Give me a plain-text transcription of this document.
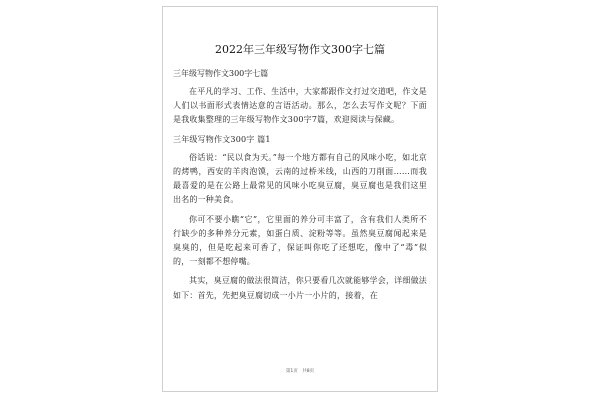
2022年三年级写物作文300字七篇
三年级写物作文300字七篇

在平凡的学习、工作、生活中，大家都跟作文打过交道吧，作文是人们以书面形式表情达意的言语活动。那么，怎么去写作文呢？下面是我收集整理的三年级写物作文300字7篇，欢迎阅读与保藏。

三年级写物作文300字 篇1

俗话说：“民以食为天。”每一个地方都有自己的风味小吃，如北京的烤鸭，西安的羊肉泡馍，云南的过桥米线，山西的刀削面……而我最喜爱的是在公路上最常见的风味小吃臭豆腐，臭豆腐也是我们这里出名的一种美食。

你可不要小瞧“它”，它里面的养分可丰富了，含有我们人类所不行缺少的多种养分元素，如蛋白质、淀粉等等。虽然臭豆腐闻起来是臭臭的，但是吃起来可香了，保证叫你吃了还想吃，像中了“毒”似的，一刻都不想停嘴。

其实，臭豆腐的做法很简洁，你只要看几次就能够学会，详细做法如下：首先，先把臭豆腐切成一小片一小片的，接着，在

第1页　共8页
